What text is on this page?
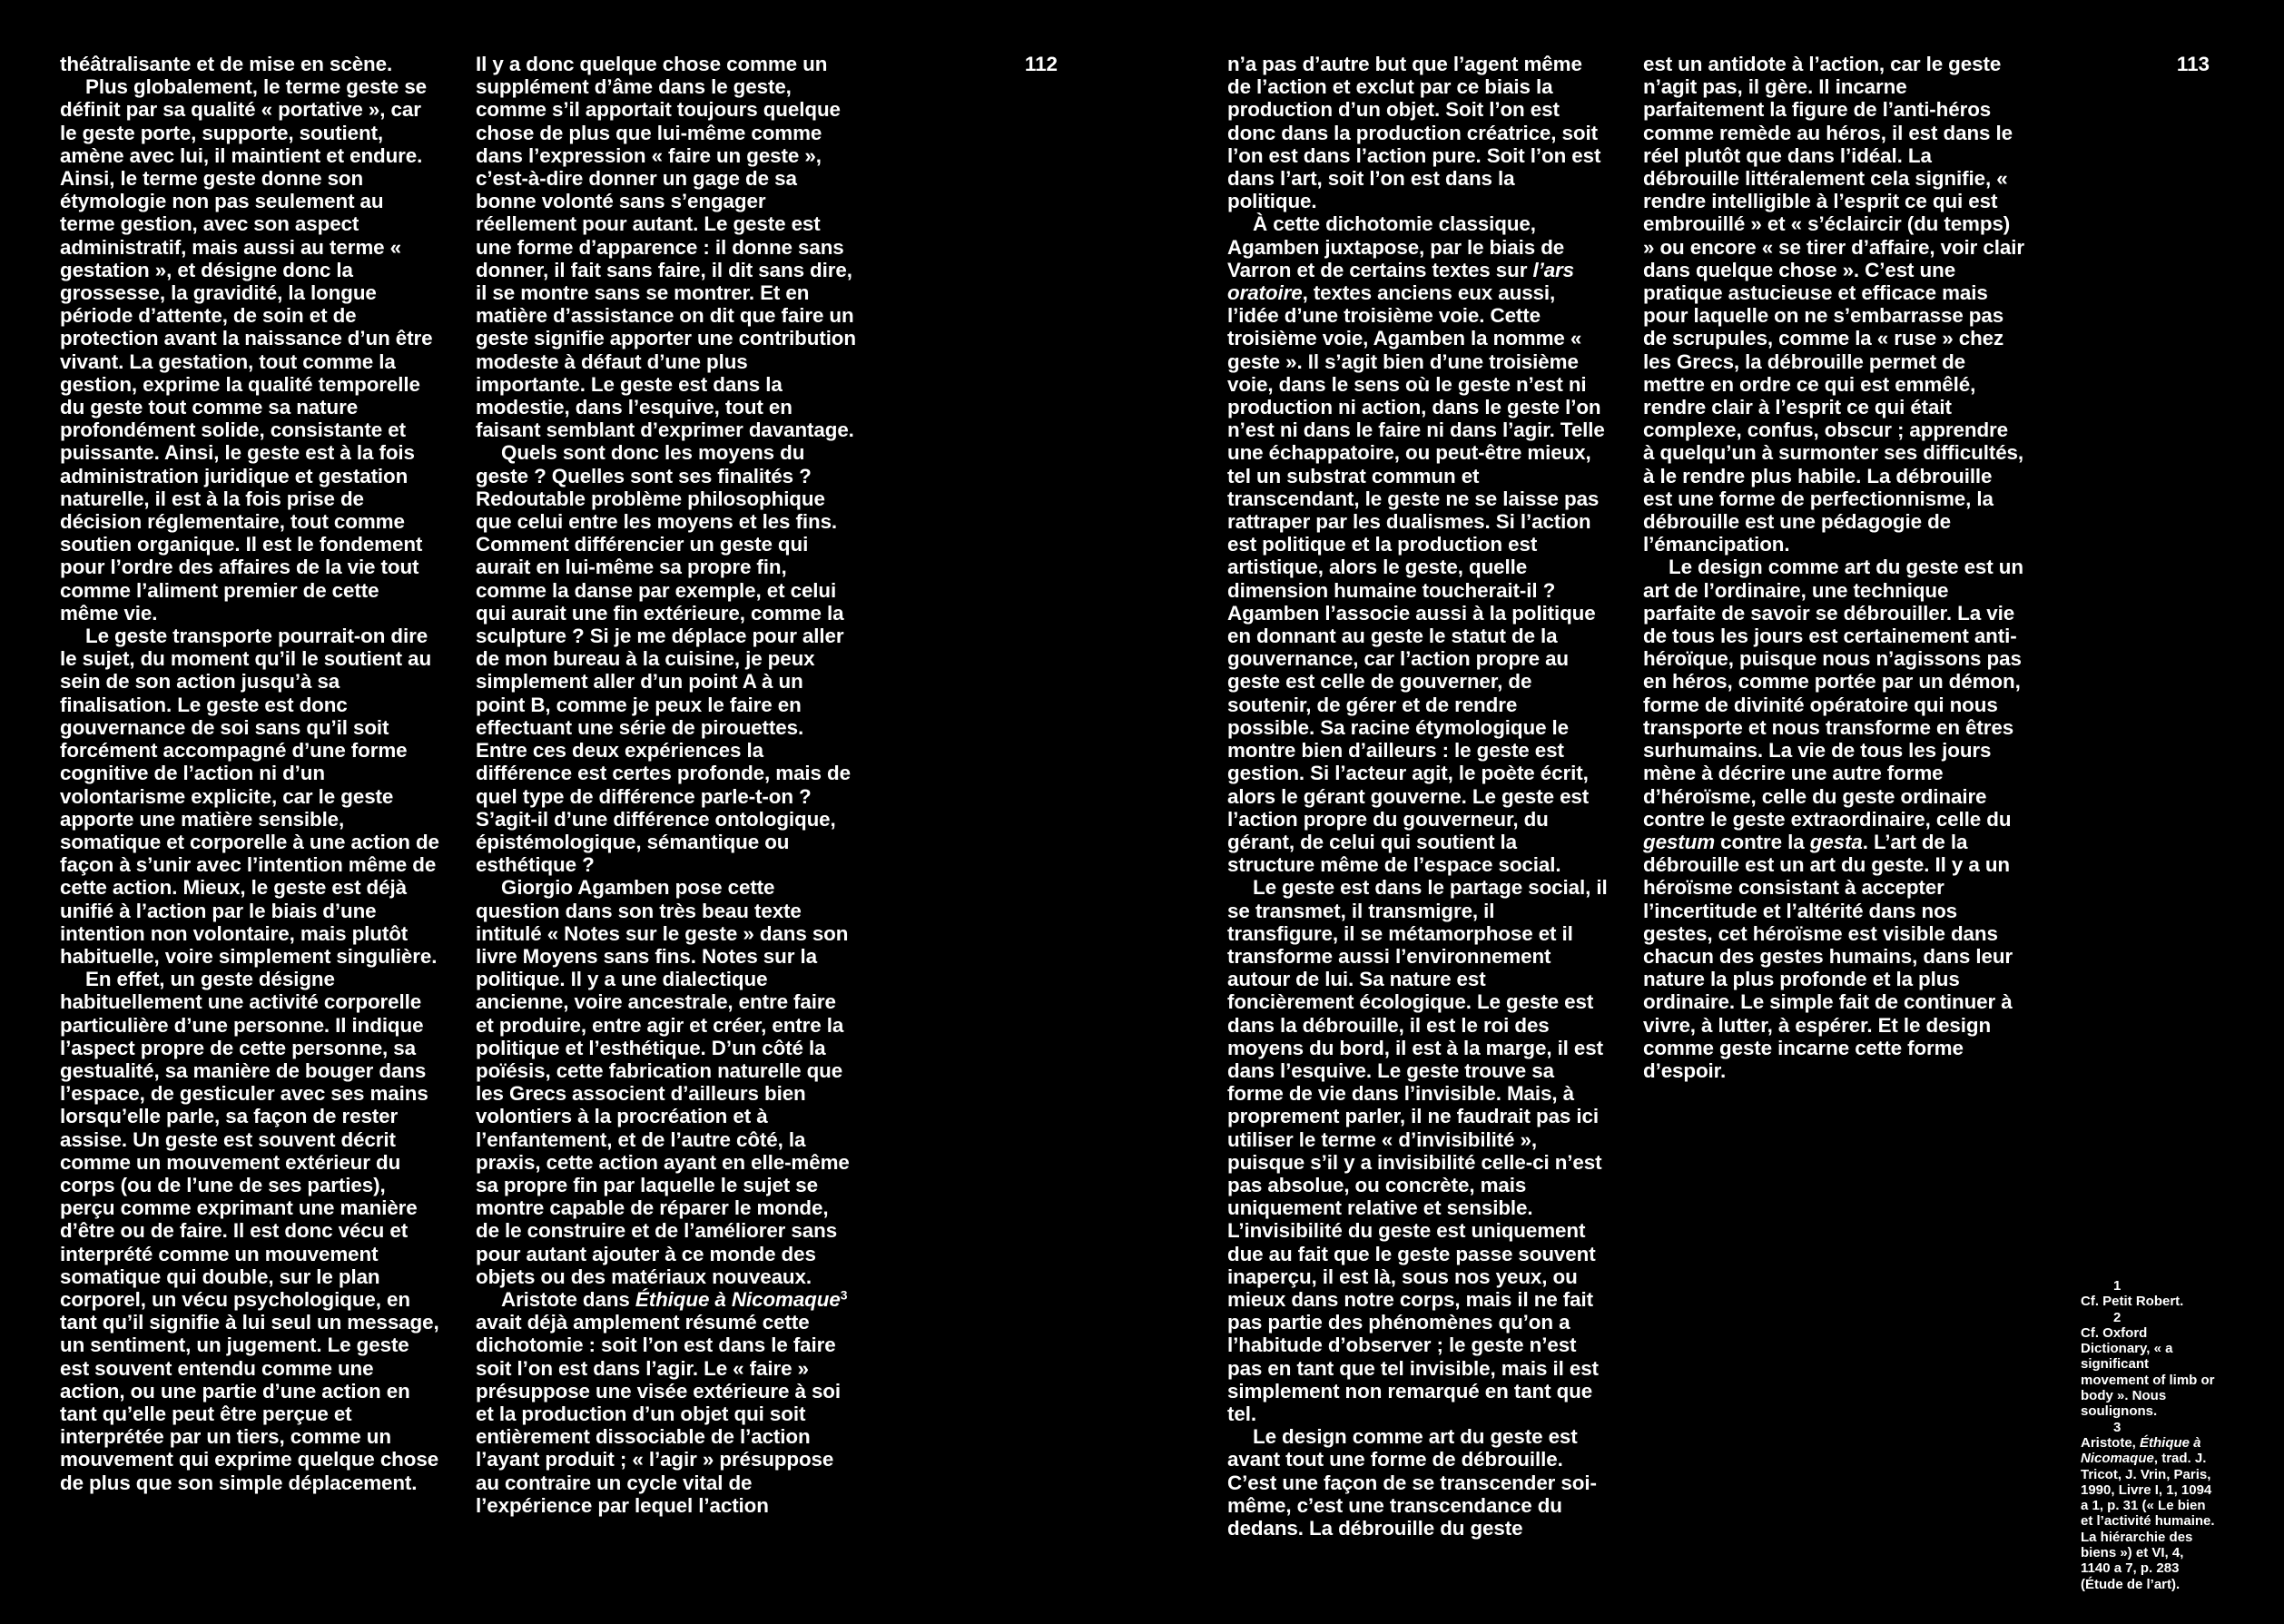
théâtralisante et de mise en scène.

Plus globalement, le terme geste se définit par sa qualité « portative », car le geste porte, supporte, soutient, amène avec lui, il maintient et endure. Ainsi, le terme geste donne son étymologie non pas seulement au terme gestion, avec son aspect administratif, mais aussi au terme « gestation », et désigne donc la grossesse, la gravidité, la longue période d’attente, de soin et de protection avant la naissance d’un être vivant. La gestation, tout comme la gestion, exprime la qualité temporelle du geste tout comme sa nature profondément solide, consistante et puissante. Ainsi, le geste est à la fois administration juridique et gestation naturelle, il est à la fois prise de décision réglementaire, tout comme soutien organique. Il est le fondement pour l’ordre des affaires de la vie tout comme l’aliment premier de cette même vie.

Le geste transporte pourrait-on dire le sujet, du moment qu’il le soutient au sein de son action jusqu’à sa finalisation. Le geste est donc gouvernance de soi sans qu’il soit forcément accompagné d’une forme cognitive de l’action ni d’un volontarisme explicite, car le geste apporte une matière sensible, somatique et corporelle à une action de façon à s’unir avec l’intention même de cette action. Mieux, le geste est déjà unifié à l’action par le biais d’une intention non volontaire, mais plutôt habituelle, voire simplement singulière.

En effet, un geste désigne habituellement une activité corporelle particulière d’une personne. Il indique l’aspect propre de cette personne, sa gestualité, sa manière de bouger dans l’espace, de gesticuler avec ses mains lorsqu’elle parle, sa façon de rester assise. Un geste est souvent décrit comme un mouvement extérieur du corps (ou de l’une de ses parties), perçu comme exprimant une manière d’être ou de faire. Il est donc vécu et interprété comme un mouvement somatique qui double, sur le plan corporel, un vécu psychologique, en tant qu’il signifie à lui seul un message, un sentiment, un jugement. Le geste est souvent entendu comme une action, ou une partie d’une action en tant qu’elle peut être perçue et interprétée par un tiers, comme un mouvement qui exprime quelque chose de plus que son simple déplacement.

Il y a donc quelque chose comme un supplément d’âme dans le geste, comme s’il apportait toujours quelque chose de plus que lui-même comme dans l’expression « faire un geste », c’est-à-dire donner un gage de sa bonne volonté sans s’engager réellement pour autant. Le geste est une forme d’apparence : il donne sans donner, il fait sans faire, il dit sans dire, il se montre sans se montrer. Et en matière d’assistance on dit que faire un geste signifie apporter une contribution modeste à défaut d’une plus importante. Le geste est dans la modestie, dans l’esquive, tout en faisant semblant d’exprimer davantage.

Quels sont donc les moyens du geste ? Quelles sont ses finalités ? Redoutable problème philosophique que celui entre les moyens et les fins. Comment différencier un geste qui aurait en lui-même sa propre fin, comme la danse par exemple, et celui qui aurait une fin extérieure, comme la sculpture ? Si je me déplace pour aller de mon bureau à la cuisine, je peux simplement aller d’un point A à un point B, comme je peux le faire en effectuant une série de pirouettes. Entre ces deux expériences la différence est certes profonde, mais de quel type de différence parle-t-on ? S’agit-il d’une différence ontologique, épistémologique, sémantique ou esthétique ?

Giorgio Agamben pose cette question dans son très beau texte intitulé « Notes sur le geste » dans son livre Moyens sans fins. Notes sur la politique. Il y a une dialectique ancienne, voire ancestrale, entre faire et produire, entre agir et créer, entre la politique et l’esthétique. D’un côté la poïésis, cette fabrication naturelle que les Grecs associent d’ailleurs bien volontiers à la procréation et à l’enfantement, et de l’autre côté, la praxis, cette action ayant en elle-même sa propre fin par laquelle le sujet se montre capable de réparer le monde, de le construire et de l’améliorer sans pour autant ajouter à ce monde des objets ou des matériaux nouveaux.

Aristote dans Éthique à Nicomaque$^3$ avait déjà amplement résumé cette dichotomie : soit l’on est dans le faire soit l’on est dans l’agir. Le « faire » présuppose une visée extérieure à soi et la production d’un objet qui soit entièrement dissociable de l’action l’ayant produit ; « l’agir » présuppose au contraire un cycle vital de l’expérience par lequel l’action

112	n’a pas d’autre but que l’agent même de l’action et exclut par ce biais la production d’un objet. Soit l’on est donc dans la production créatrice, soit l’on est dans l’action pure. Soit l’on est dans l’art, soit l’on est dans la politique.

À cette dichotomie classique, Agamben juxtapose, par le biais de Varron et de certains textes sur l’ars oratoire, textes anciens eux aussi, l’idée d’une troisième voie. Cette troisième voie, Agamben la nomme « geste ». Il s’agit bien d’une troisième voie, dans le sens où le geste n’est ni production ni action, dans le geste l’on n’est ni dans le faire ni dans l’agir. Telle une échappatoire, ou peut-être mieux, tel un substrat commun et transcendant, le geste ne se laisse pas rattraper par les dualismes. Si l’action est politique et la production est artistique, alors le geste, quelle dimension humaine toucherait-il ? Agamben l’associe aussi à la politique en donnant au geste le statut de la gouvernance, car l’action propre au geste est celle de gouverner, de soutenir, de gérer et de rendre possible. Sa racine étymologique le montre bien d’ailleurs : le geste est gestion. Si l’acteur agit, le poète écrit, alors le gérant gouverne. Le geste est l’action propre du gouverneur, du gérant, de celui qui soutient la structure même de l’espace social.

Le geste est dans le partage social, il se transmet, il transmigre, il transfigure, il se métamorphose et il transforme aussi l’environnement autour de lui. Sa nature est foncièrement écologique. Le geste est dans la débrouille, il est le roi des moyens du bord, il est à la marge, il est dans l’esquive. Le geste trouve sa forme de vie dans l’invisible. Mais, à proprement parler, il ne faudrait pas ici utiliser le terme « d’invisibilité », puisque s’il y a invisibilité celle-ci n’est pas absolue, ou concrète, mais uniquement relative et sensible. L’invisibilité du geste est uniquement due au fait que le geste passe souvent inaperçu, il est là, sous nos yeux, ou mieux dans notre corps, mais il ne fait pas partie des phénomènes qu’on a l’habitude d’observer ; le geste n’est pas en tant que tel invisible, mais il est simplement non remarqué en tant que tel.

Le design comme art du geste est avant tout une forme de débrouille. C’est une façon de se transcender soi-même, c’est une transcendance du dedans. La débrouille du geste

est un antidote à l’action, car le geste n’agit pas, il gère. Il incarne parfaitement la figure de l’anti-héros comme remède au héros, il est dans le réel plutôt que dans l’idéal. La débrouille littéralement cela signifie, « rendre intelligible à l’esprit ce qui est embrouillé » et « s’éclaircir (du temps) » ou encore « se tirer d’affaire, voir clair dans quelque chose ». C’est une pratique astucieuse et efficace mais pour laquelle on ne s’embarrasse pas de scrupules, comme la « ruse » chez les Grecs, la débrouille permet de mettre en ordre ce qui est emmêlé, rendre clair à l’esprit ce qui était complexe, confus, obscur ; apprendre à quelqu’un à surmonter ses difficultés, à le rendre plus habile. La débrouille est une forme de perfectionnisme, la débrouille est une pédagogie de l’émancipation.

Le design comme art du geste est un art de l’ordinaire, une technique parfaite de savoir se débrouiller. La vie de tous les jours est certainement anti-héroïque, puisque nous n’agissons pas en héros, comme portée par un démon, forme de divinité opératoire qui nous transporte et nous transforme en êtres surhumains. La vie de tous les jours mène à décrire une autre forme d’héroïsme, celle du geste ordinaire contre le geste extraordinaire, celle du gestum contre la gesta. L’art de la débrouille est un art du geste. Il y a un héroïsme consistant à accepter l’incertitude et l’altérité dans nos gestes, cet héroïsme est visible dans chacun des gestes humains, dans leur nature la plus profonde et la plus ordinaire. Le simple fait de continuer à vivre, à lutter, à espérer. Et le design comme geste incarne cette forme d’espoir.

113
1
Cf. Petit Robert.
2
Cf. Oxford Dictionary, « a significant movement of limb or body ». Nous soulignons.
3
Aristote, Éthique à Nicomaque, trad. J. Tricot, J. Vrin, Paris, 1990, Livre I, 1, 1094 a 1, p. 31 (« Le bien et l’activité humaine. La hiérarchie des biens ») et VI, 4, 1140 a 7, p. 283 (Étude de l’art).
